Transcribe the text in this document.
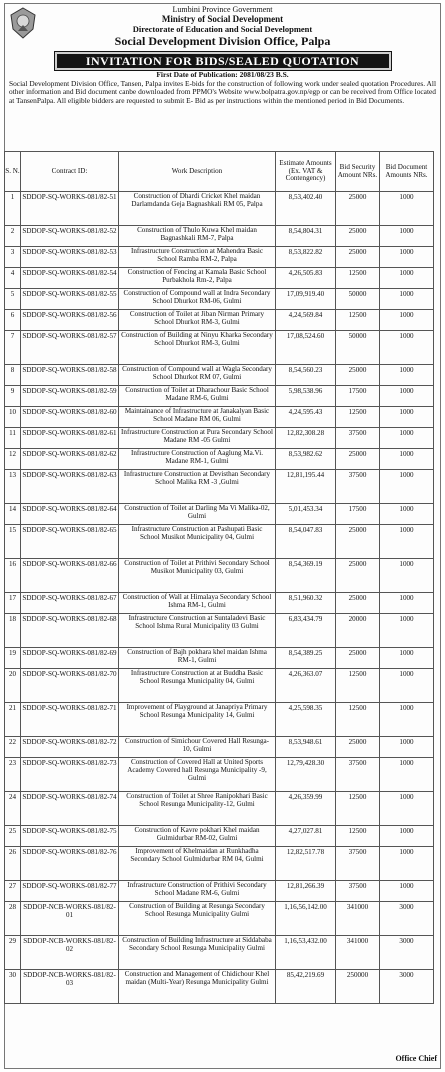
Lumbini Province Government
Ministry of Social Development
Directorate of Education and Social Development
Social Development Division Office, Palpa
INVITATION FOR BIDS/SEALED QUOTATION
First Date of Publication: 2081/08/23 B.S.
Social Development Division Office, Tansen, Palpa invites E-bids for the construction of following work under sealed quotation Procedures. All other information and Bid document canbe downloaded from PPMO's Website www.bolpatra.gov.np/egp or can be received from Office located at TansenPalpa. All eligible bidders are requested to submit E- Bid as per instructions within the mentioned period in Bid Documents.
S. N.	Contract ID:	Work Description	Estimate Amounts (Ex. VAT & Contengency)	Bid Security Amount NRs.	Bid Document Amounts NRs.
1	SDDOP-SQ-WORKS-081/82-51	Construction of Dhardi Cricket Khel maidan Darlamdanda Geja Bagnashkali RM 05, Palpa	8,53,402.40	25000	1000
2	SDDOP-SQ-WORKS-081/82-52	Construction of Thulo Kuwa Khel maidan Bagnashkali RM-7, Palpa	8,54,804.31	25000	1000
3	SDDOP-SQ-WORKS-081/82-53	Infrastructure Construction at Mahendra Basic School Ramba RM-2, Palpa	8,53,822.82	25000	1000
4	SDDOP-SQ-WORKS-081/82-54	Construction of Fencing at Kamala Basic School Purbakhola Rm-2, Palpa	4,26,505.83	12500	1000
5	SDDOP-SQ-WORKS-081/82-55	Construction of Compound wall at Indra Secondary School Dhurkot RM-06, Gulmi	17,09,919.40	50000	1000
6	SDDOP-SQ-WORKS-081/82-56	Construction of Toilet at Jiban Nirman Primary School Dhurkot RM-3, Gulmi	4,24,569.84	12500	1000
7	SDDOP-SQ-WORKS-081/82-57	Construction of Building at Ninyu Kharka Secondary School Dhurkot RM-3, Gulmi	17,08,524.60	50000	1000
8	SDDOP-SQ-WORKS-081/82-58	Construction of Compound wall at Wagla Secondary School Dhurkot RM 07, Gulmi	8,54,560.23	25000	1000
9	SDDOP-SQ-WORKS-081/82-59	Construction of Toilet at Dharachour Basic School Madane RM-6, Gulmi	5,98,538.96	17500	1000
10	SDDOP-SQ-WORKS-081/82-60	Maintainance of Infrastructure at Janakalyan Basic School Madane RM 06, Gulmi	4,24,595.43	12500	1000
11	SDDOP-SQ-WORKS-081/82-61	Infrastructure Construction at Pura Secondary School Madane RM -05 Gulmi	12,82,308.28	37500	1000
12	SDDOP-SQ-WORKS-081/82-62	Infrastructure Construction of Aaglung Ma.Vi. Madane RM-1, Gulmi	8,53,982.62	25000	1000
13	SDDOP-SQ-WORKS-081/82-63	Infrastructure Construction at Devisthan Secondary School Malika RM -3 ,Gulmi	12,81,195.44	37500	1000
14	SDDOP-SQ-WORKS-081/82-64	Construction of Toilet at Darling Ma Vi Malika-02, Gulmi	5,01,453.34	17500	1000
15	SDDOP-SQ-WORKS-081/82-65	Infrastructure Construction at Pashupati Basic School Musikot Municipality 04, Gulmi	8,54,047.83	25000	1000
16	SDDOP-SQ-WORKS-081/82-66	Construction of Toilet at Prithivi Secondary School Musikot Municipality 03, Gulmi	8,54,369.19	25000	1000
17	SDDOP-SQ-WORKS-081/82-67	Construction of Wall at Himalaya Secondary School Ishma RM-1, Gulmi	8,51,960.32	25000	1000
18	SDDOP-SQ-WORKS-081/82-68	Infrastructure Construction at Suntaladevi Basic School Ishma Rural Municipality 03 Gulmi	6,83,434.79	20000	1000
19	SDDOP-SQ-WORKS-081/82-69	Construction of Bajh pokhara khel maidan Ishma RM-1, Gulmi	8,54,389.25	25000	1000
20	SDDOP-SQ-WORKS-081/82-70	Infrastructure Construction at at Buddha Basic School Resunga Municipality 04, Gulmi	4,26,363.07	12500	1000
21	SDDOP-SQ-WORKS-081/82-71	Improvement of Playground at Janapriya Primary School Resunga Municipality 14, Gulmi	4,25,598.35	12500	1000
22	SDDOP-SQ-WORKS-081/82-72	Construction of Simichour Covered Hall Resunga-10, Gulmi	8,53,948.61	25000	1000
23	SDDOP-SQ-WORKS-081/82-73	Construction of Covered Hall at United Sports Academy Covered hall Resunga Municipality -9, Gulmi	12,79,428.30	37500	1000
24	SDDOP-SQ-WORKS-081/82-74	Construction of Toilet at Shree Ranipokhari Basic School Resunga Municipality-12, Gulmi	4,26,359.99	12500	1000
25	SDDOP-SQ-WORKS-081/82-75	Construction of Kavre pokhari Khel maidan Gulmidurbar RM-02, Gulmi	4,27,027.81	12500	1000
26	SDDOP-SQ-WORKS-081/82-76	Improvement of Khelmaidan at Runkhadha Secondary School Gulmidurbar RM 04, Gulmi	12,82,517.78	37500	1000
27	SDDOP-SQ-WORKS-081/82-77	Infrastructure Construction of Prithivi Secondary School Madane RM-6, Gulmi	12,81,266.39	37500	1000
28	SDDOP-NCB-WORKS-081/82-01	Construction of Building at Resunga Secondary School Resunga Municipality Gulmi	1,16,56,142.00	341000	3000
29	SDDOP-NCB-WORKS-081/82-02	Construction of Building Infrastructure at Siddababa Secondary School Resunga Municipality Gulmi	1,16,53,432.00	341000	3000
30	SDDOP-NCB-WORKS-081/82-03	Construction and Management of Chidichour Khel maidan (Multi-Year) Resunga Municipality Gulmi	85,42,219.69	250000	3000
Office Chief
